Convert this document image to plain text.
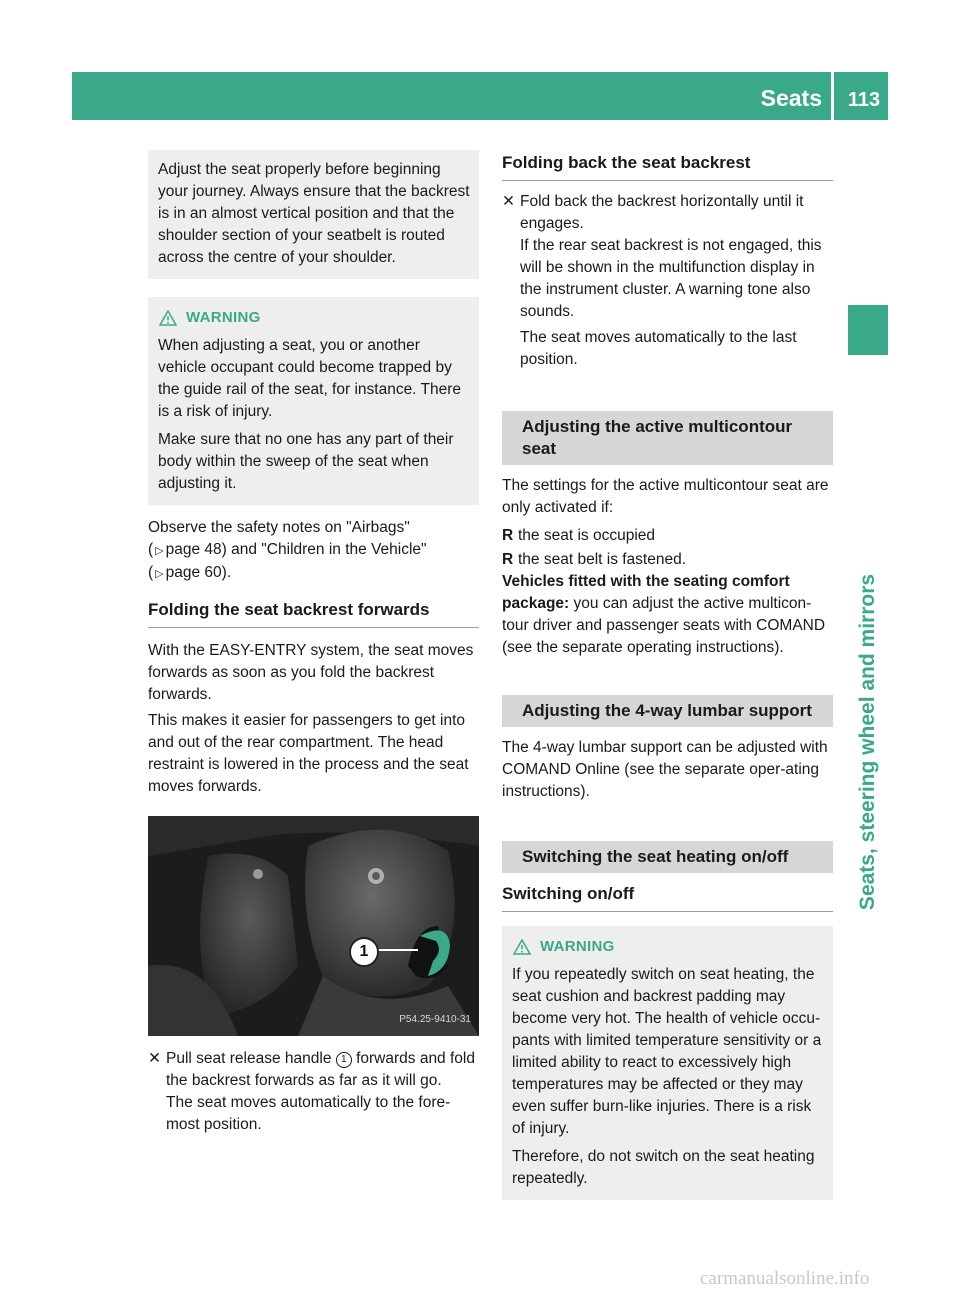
Seats	113
Seats, steering wheel and mirrors

Adjust the seat properly before beginning your journey. Always ensure that the backrest is in an almost vertical position and that the shoulder section of your seatbelt is routed across the centre of your shoulder.

WARNING

When adjusting a seat, you or another vehicle occupant could become trapped by the guide rail of the seat, for instance. There is a risk of injury.

Make sure that no one has any part of their body within the sweep of the seat when adjusting it.

Observe the safety notes on "Airbags"
( ▷ page 48) and "Children in the Vehicle"
( ▷ page 60).

Folding the seat backrest forwards

With the EASY-ENTRY system, the seat moves forwards as soon as you fold the backrest forwards.

This makes it easier for passengers to get into and out of the rear compartment. The head restraint is lowered in the process and the seat moves forwards.

1
P54.25-9410-31
✕ Pull seat release handle 1 forwards and fold the backrest forwards as far as it will go.
The seat moves automatically to the fore-most position.
Folding back the seat backrest
✕ Fold back the backrest horizontally until it engages.

If the rear seat backrest is not engaged, this will be shown in the multifunction display in the instrument cluster. A warning tone also sounds.

The seat moves automatically to the last position.

Adjusting the active multicontour seat

The settings for the active multicontour seat are only activated if:

R the seat is occupied
R the seat belt is fastened.

Vehicles fitted with the seating comfort package: you can adjust the active multicon-tour driver and passenger seats with COMAND (see the separate operating instructions).

Adjusting the 4-way lumbar support

The 4-way lumbar support can be adjusted with COMAND Online (see the separate oper-ating instructions).

Switching the seat heating on/off
Switching on/off
WARNING

If you repeatedly switch on seat heating, the seat cushion and backrest padding may become very hot. The health of vehicle occu-pants with limited temperature sensitivity or a limited ability to react to excessively high temperatures may be affected or they may even suffer burn-like injuries. There is a risk of injury.

Therefore, do not switch on the seat heating repeatedly.

carmanualsonline.info
